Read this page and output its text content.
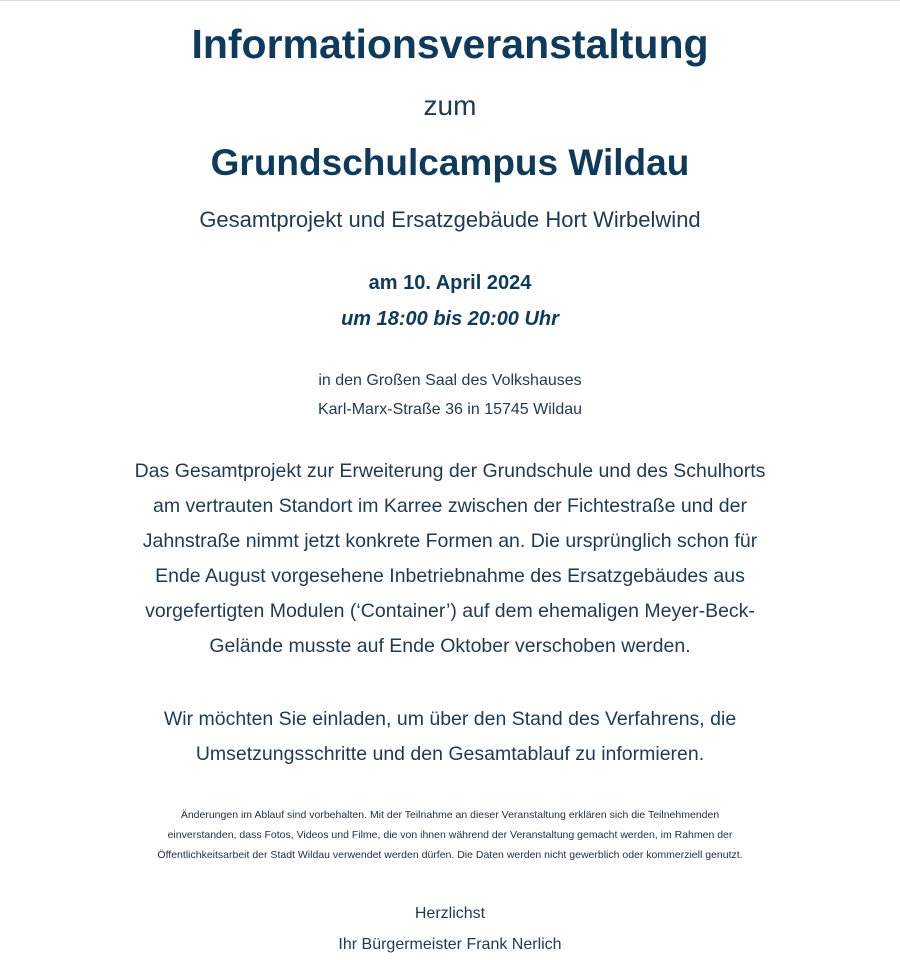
Informationsveranstaltung
zum
Grundschulcampus Wildau
Gesamtprojekt und Ersatzgebäude Hort Wirbelwind
am 10. April 2024
um 18:00 bis 20:00 Uhr
in den Großen Saal des Volkshauses
Karl-Marx-Straße 36 in 15745 Wildau
Das Gesamtprojekt zur Erweiterung der Grundschule und des Schulhorts
am vertrauten Standort im Karree zwischen der Fichtestraße und der
Jahnstraße nimmt jetzt konkrete Formen an. Die ursprünglich schon für
Ende August vorgesehene Inbetriebnahme des Ersatzgebäudes aus
vorgefertigten Modulen (‘Container’) auf dem ehemaligen Meyer-Beck-
Gelände musste auf Ende Oktober verschoben werden.
Wir möchten Sie einladen, um über den Stand des Verfahrens, die
Umsetzungsschritte und den Gesamtablauf zu informieren.
Änderungen im Ablauf sind vorbehalten. Mit der Teilnahme an dieser Veranstaltung erklären sich die Teilnehmenden
einverstanden, dass Fotos, Videos und Filme, die von ihnen während der Veranstaltung gemacht werden, im Rahmen der
Öffentlichkeitsarbeit der Stadt Wildau verwendet werden dürfen. Die Daten werden nicht gewerblich oder kommerziell genutzt.
Herzlichst
Ihr Bürgermeister Frank Nerlich
